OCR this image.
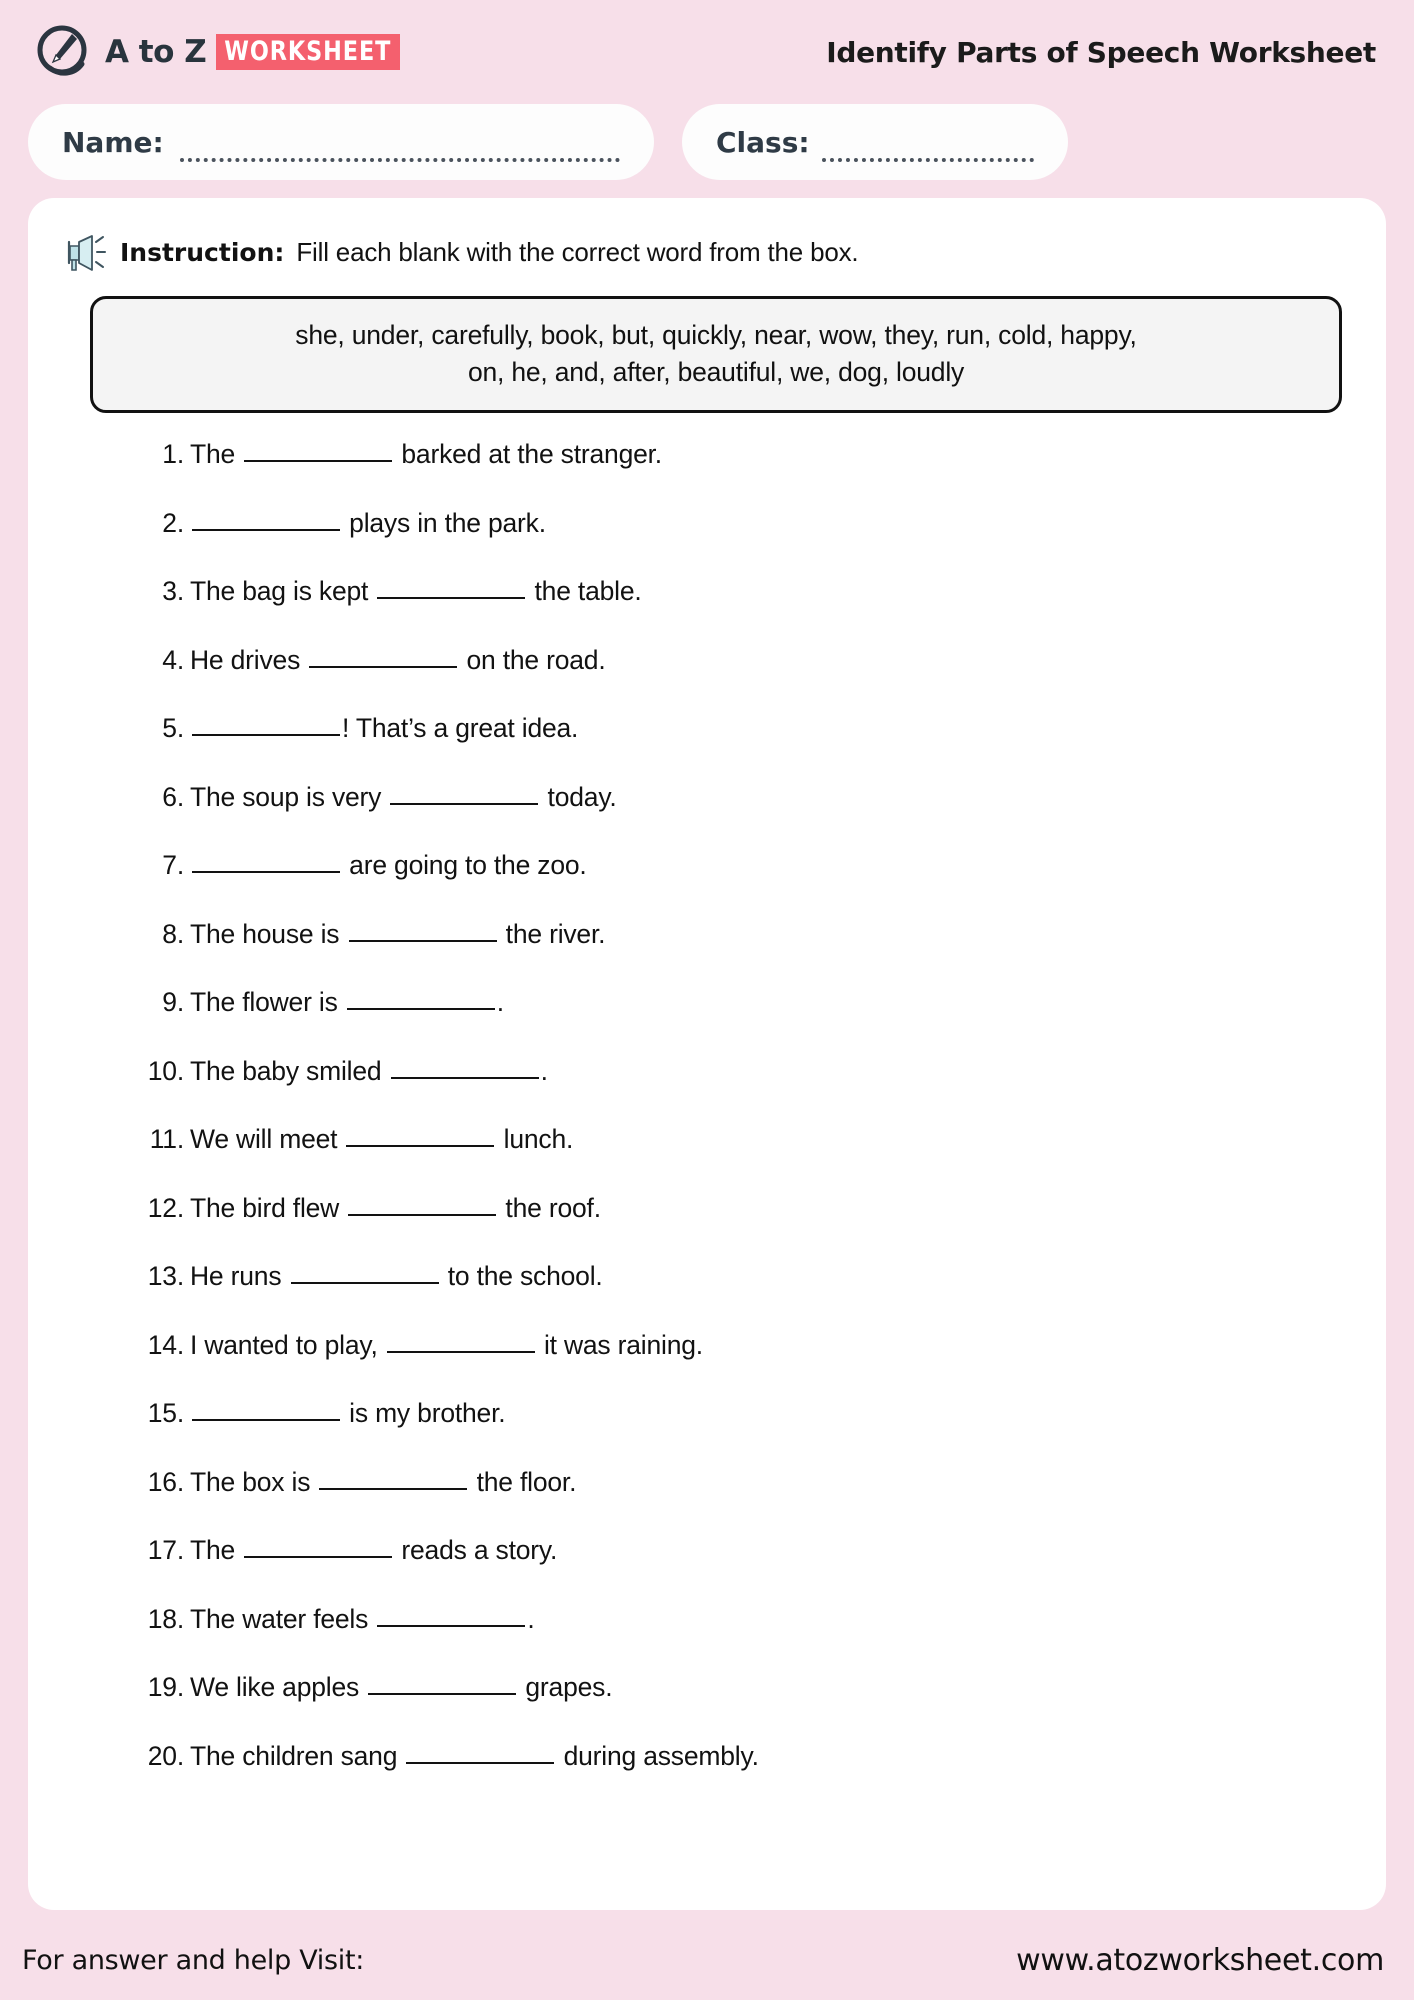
A to Z WORKSHEET	Identify Parts of Speech Worksheet
Name:	Class:
Instruction: Fill each blank with the correct word from the box.
she, under, carefully, book, but, quickly, near, wow, they, run, cold, happy,
on, he, and, after, beautiful, we, dog, loudly
1. The	barked at the stranger.
2.	plays in the park.
3. The bag is kept	the table.
4. He drives	on the road.
5.	! That’s a great idea.
6. The soup is very	today.
7.	are going to the zoo.
8. The house is	the river.
9. The flower is	.
10. The baby smiled	.
11. We will meet	lunch.
12. The bird flew	the roof.
13. He runs	to the school.
14. I wanted to play,	it was raining.
15.	is my brother.
16. The box is	the floor.
17. The	reads a story.
18. The water feels	.
19. We like apples	grapes.
20. The children sang	during assembly.
For answer and help Visit:	www.atozworksheet.com
